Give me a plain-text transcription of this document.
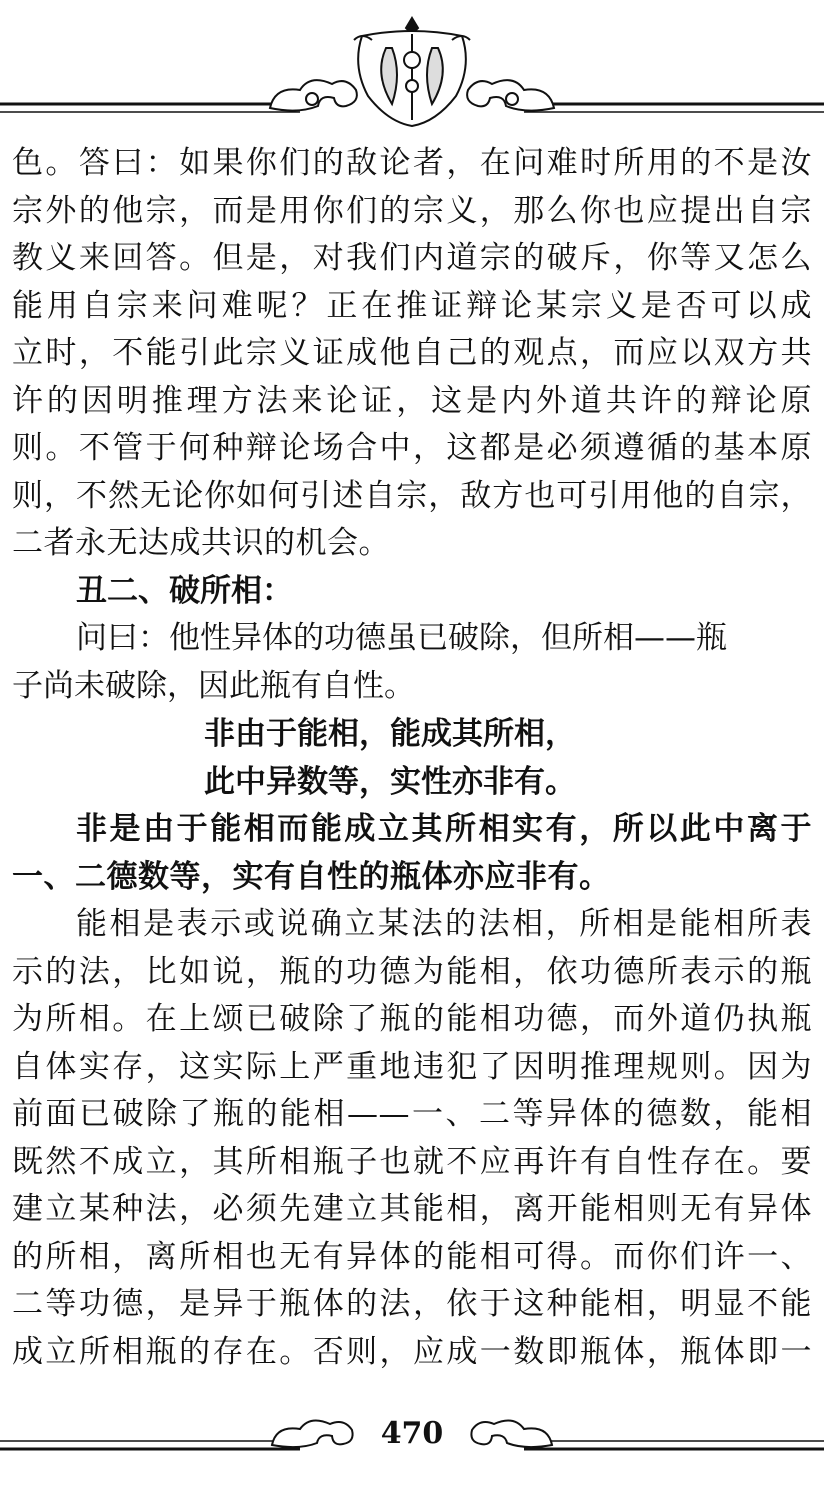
色。答曰：如果你们的敌论者，在问难时所用的不是汝

宗外的他宗，而是用你们的宗义，那么你也应提出自宗

教义来回答。但是，对我们内道宗的破斥，你等又怎么

能用自宗来问难呢？正在推证辩论某宗义是否可以成

立时，不能引此宗义证成他自己的观点，而应以双方共

许的因明推理方法来论证，这是内外道共许的辩论原

则。不管于何种辩论场合中，这都是必须遵循的基本原

则，不然无论你如何引述自宗，敌方也可引用他的自宗，

二者永无达成共识的机会。

丑二、破所相：

问曰：他性异体的功德虽已破除，但所相——瓶

子尚未破除，因此瓶有自性。

非由于能相，能成其所相，

此中异数等，实性亦非有。

非是由于能相而能成立其所相实有，所以此中离于

一、二德数等，实有自性的瓶体亦应非有。

能相是表示或说确立某法的法相，所相是能相所表

示的法，比如说，瓶的功德为能相，依功德所表示的瓶

为所相。在上颂已破除了瓶的能相功德，而外道仍执瓶

自体实存，这实际上严重地违犯了因明推理规则。因为

前面已破除了瓶的能相——一、二等异体的德数，能相

既然不成立，其所相瓶子也就不应再许有自性存在。要

建立某种法，必须先建立其能相，离开能相则无有异体

的所相，离所相也无有异体的能相可得。而你们许一、

二等功德，是异于瓶体的法，依于这种能相，明显不能

成立所相瓶的存在。否则，应成一数即瓶体，瓶体即一

470
